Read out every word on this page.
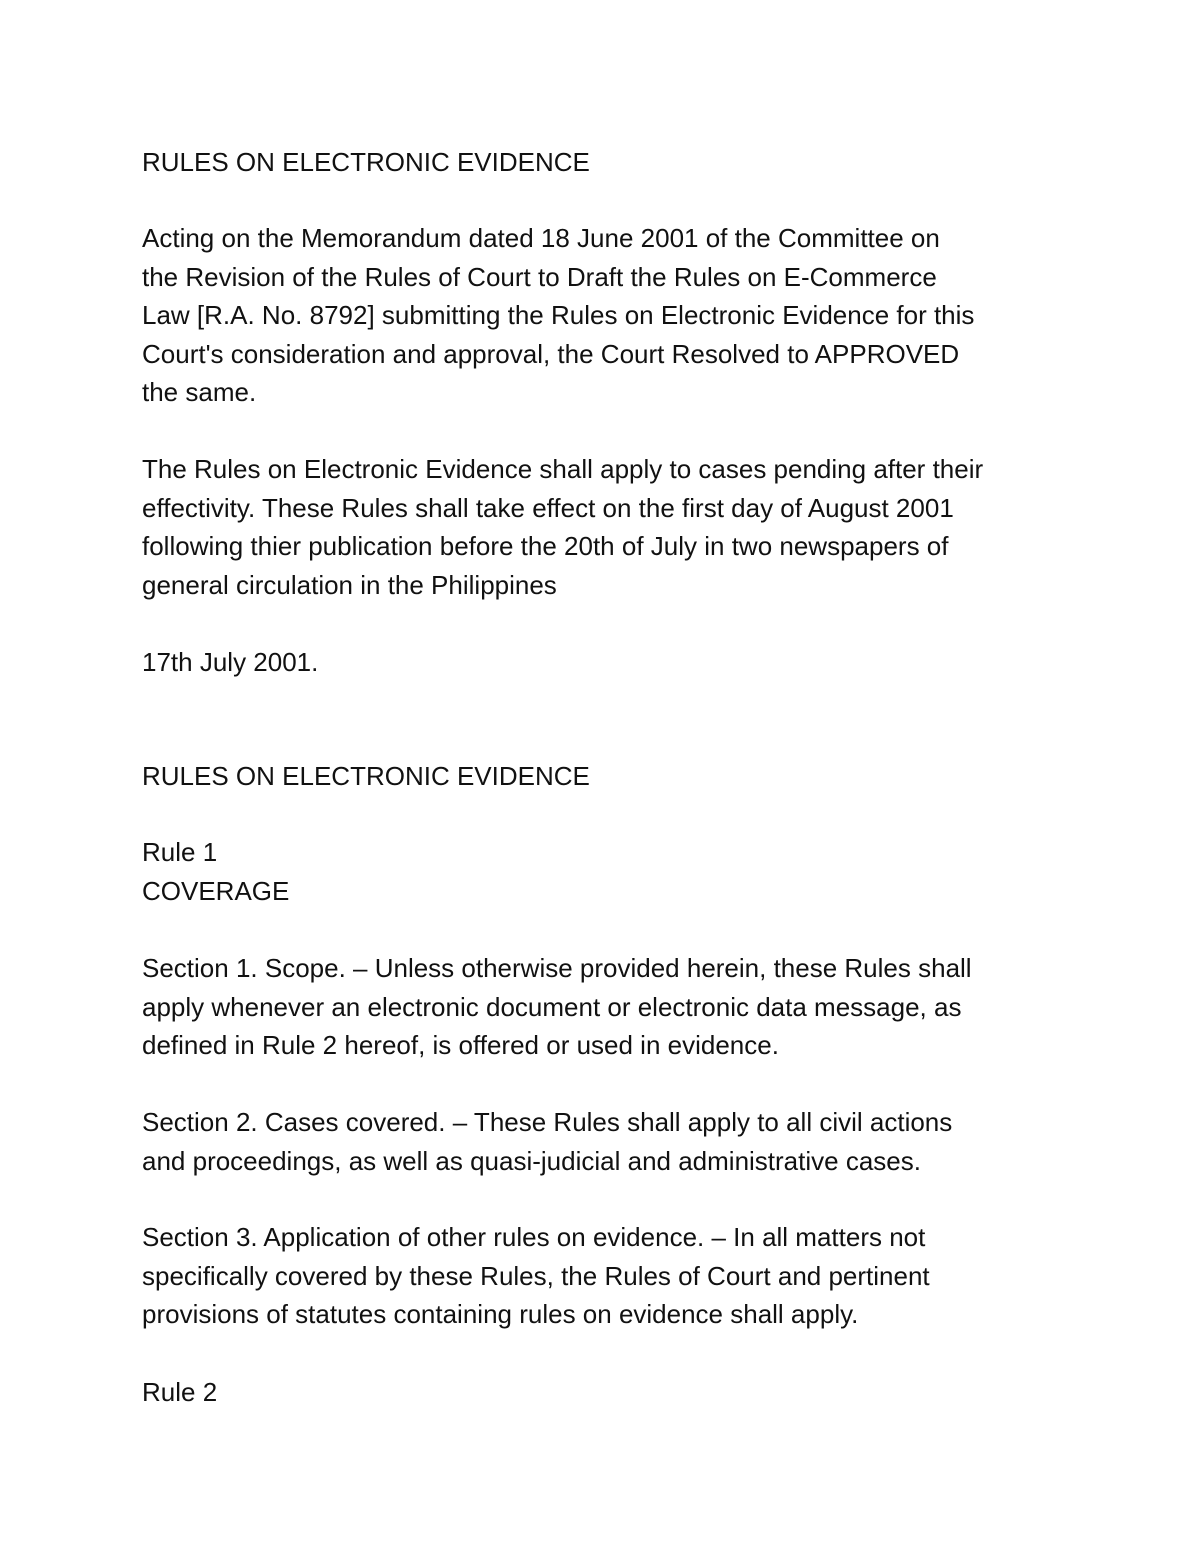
RULES ON ELECTRONIC EVIDENCE

Acting on the Memorandum dated 18 June 2001 of the Committee on
the Revision of the Rules of Court to Draft the Rules on E-Commerce
Law [R.A. No. 8792] submitting the Rules on Electronic Evidence for this
Court's consideration and approval, the Court Resolved to APPROVED
the same.

The Rules on Electronic Evidence shall apply to cases pending after their
effectivity. These Rules shall take effect on the first day of August 2001
following thier publication before the 20th of July in two newspapers of
general circulation in the Philippines

17th July 2001.

RULES ON ELECTRONIC EVIDENCE

Rule 1
COVERAGE

Section 1. Scope. – Unless otherwise provided herein, these Rules shall
apply whenever an electronic document or electronic data message, as
defined in Rule 2 hereof, is offered or used in evidence.

Section 2. Cases covered. – These Rules shall apply to all civil actions
and proceedings, as well as quasi-judicial and administrative cases.

Section 3. Application of other rules on evidence. – In all matters not
specifically covered by these Rules, the Rules of Court and pertinent
provisions of statutes containing rules on evidence shall apply.

Rule 2
